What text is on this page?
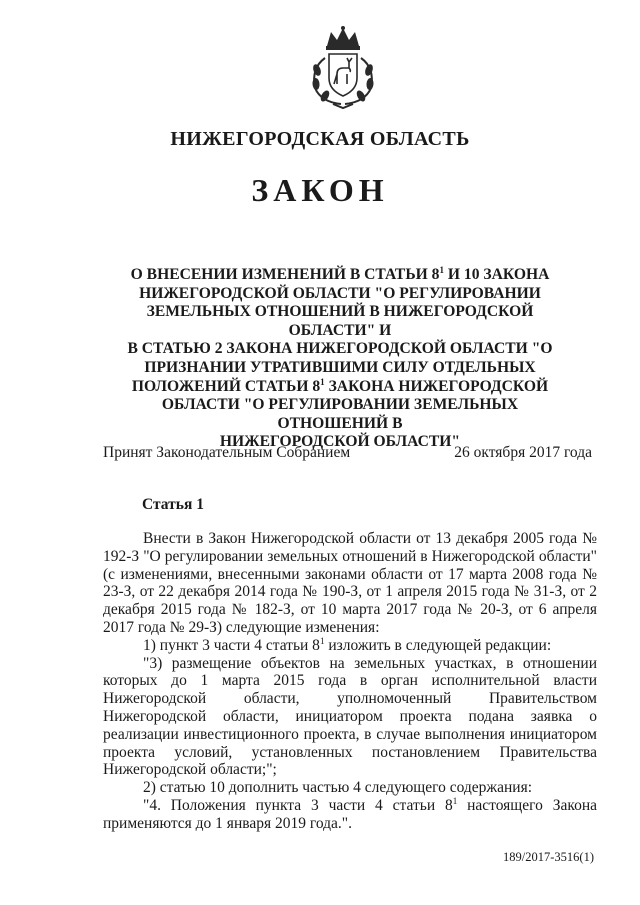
НИЖЕГОРОДСКАЯ ОБЛАСТЬ
ЗАКОН
О ВНЕСЕНИИ ИЗМЕНЕНИЙ В СТАТЬИ $8^1$ И 10 ЗАКОНА
НИЖЕГОРОДСКОЙ ОБЛАСТИ "О РЕГУЛИРОВАНИИ
ЗЕМЕЛЬНЫХ ОТНОШЕНИЙ В НИЖЕГОРОДСКОЙ ОБЛАСТИ" И
В СТАТЬЮ 2 ЗАКОНА НИЖЕГОРОДСКОЙ ОБЛАСТИ "О
ПРИЗНАНИИ УТРАТИВШИМИ СИЛУ ОТДЕЛЬНЫХ
ПОЛОЖЕНИЙ СТАТЬИ $8^1$ ЗАКОНА НИЖЕГОРОДСКОЙ
ОБЛАСТИ "О РЕГУЛИРОВАНИИ ЗЕМЕЛЬНЫХ ОТНОШЕНИЙ В
НИЖЕГОРОДСКОЙ ОБЛАСТИ"
Принят Законодательным Собранием	26 октября 2017 года
Статья 1

Внести в Закон Нижегородской области от 13 декабря 2005 года № 192-З "О регулировании земельных отношений в Нижегородской области" (с изменениями, внесенными законами области от 17 марта 2008 года № 23-З, от 22 декабря 2014 года № 190-З, от 1 апреля 2015 года № 31-З, от 2 декабря 2015 года № 182-З, от 10 марта 2017 года № 20-З, от 6 апреля 2017 года № 29-З) следующие изменения:

1) пункт 3 части 4 статьи $8^1$ изложить в следующей редакции:

"3) размещение объектов на земельных участках, в отношении которых до 1 марта 2015 года в орган исполнительной власти Нижегородской области, уполномоченный Правительством Нижегородской области, инициатором проекта подана заявка о реализации инвестиционного проекта, в случае выполнения инициатором проекта условий, установленных постановлением Правительства Нижегородской области;";

2) статью 10 дополнить частью 4 следующего содержания:

"4. Положения пункта 3 части 4 статьи $8^1$ настоящего Закона применяются до 1 января 2019 года.".

189/2017-3516(1)
